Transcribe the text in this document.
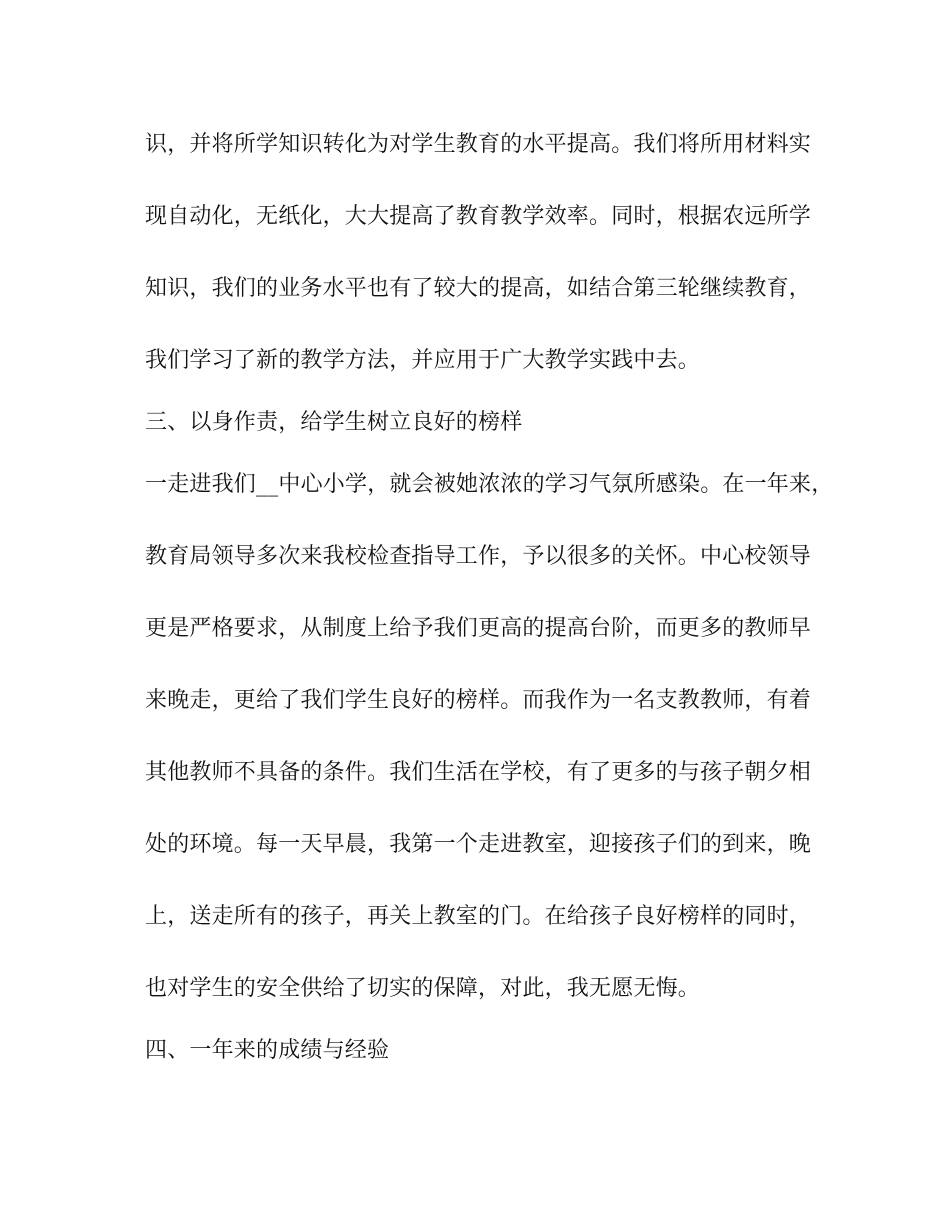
识，并将所学知识转化为对学生教育的水平提高。我们将所用材料实
现自动化，无纸化，大大提高了教育教学效率。同时，根据农远所学
知识，我们的业务水平也有了较大的提高，如结合第三轮继续教育，
我们学习了新的教学方法，并应用于广大教学实践中去。
三、以身作责，给学生树立良好的榜样
一走进我们__中心小学，就会被她浓浓的学习气氛所感染。在一年来，
教育局领导多次来我校检查指导工作，予以很多的关怀。中心校领导
更是严格要求，从制度上给予我们更高的提高台阶，而更多的教师早
来晚走，更给了我们学生良好的榜样。而我作为一名支教教师，有着
其他教师不具备的条件。我们生活在学校，有了更多的与孩子朝夕相
处的环境。每一天早晨，我第一个走进教室，迎接孩子们的到来，晚
上，送走所有的孩子，再关上教室的门。在给孩子良好榜样的同时，
也对学生的安全供给了切实的保障，对此，我无愿无悔。
四、一年来的成绩与经验
